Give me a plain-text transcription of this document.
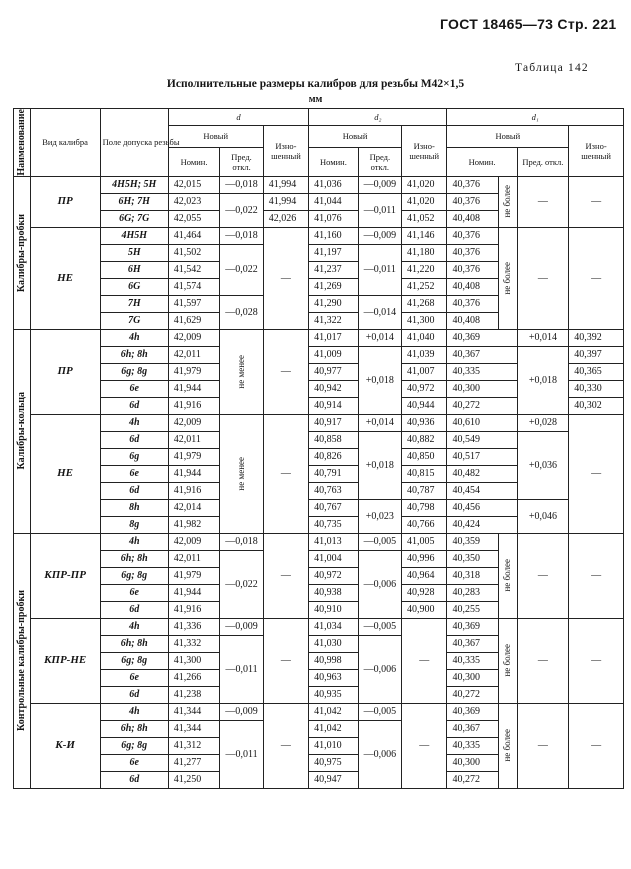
ГОСТ 18465—73 Стр. 221
Таблица 142
Исполнительные размеры калибров для резьбы M42×1,5
мм
Наименование	Вид калибра	Поле допуска резьбы	d			d₂			d₁			
			Новый		Изно-шенный	Новый		Изно-шенный	Новый			Изно-шенный
			Номин.	Пред. откл.		Номин.	Пред. откл.		Номин.		Пред. откл.	

Калибры-пробки	ПР	4H5H; 5H	42,015	—0,018	41,994	41,036	—0,009	41,020	40,376	не более	—	—
		6H; 7H	42,023	—0,022	41,994	41,044	—0,011	41,020	40,376			
		6G; 7G	42,055		42,026	41,076		41,052	40,408			
	НЕ	4H5H	41,464	—0,018	—	41,160	—0,009	41,146	40,376	не более	—	—
		5H	41,502	—0,022		41,197	—0,011	41,180	40,376			
		6H	41,542			41,237		41,220	40,376			
		6G	41,574			41,269		41,252	40,408			
		7H	41,597	—0,028		41,290	—0,014	41,268	40,376			
		7G	41,629			41,322		41,300	40,408			

Калибры-кольца	ПР	4h	42,009	не менее	—	41,017	+0,014	41,040	40,369		+0,014	40,392
		6h; 8h	42,011			41,009	+0,018	41,039	40,367		+0,018	40,397
		6g; 8g	41,979			40,977		41,007	40,335			40,365
		6e	41,944			40,942		40,972	40,300			40,330
		6d	41,916			40,914		40,944	40,272			40,302
	НЕ	4h	42,009	не менее	—	40,917	+0,014	40,936	40,610		+0,028	—
		6d	42,011			40,858	+0,018	40,882	40,549		+0,036	
		6g	41,979			40,826		40,850	40,517			
		6e	41,944			40,791		40,815	40,482			
		6d	41,916			40,763		40,787	40,454			
		8h	42,014			40,767	+0,023	40,798	40,456		+0,046	
		8g	41,982			40,735		40,766	40,424			

Контрольные калибры-пробки	КПР-ПР	4h	42,009	—0,018	—	41,013	—0,005	41,005	40,359	не более	—	—
		6h; 8h	42,011	—0,022		41,004	—0,006	40,996	40,350			
		6g; 8g	41,979			40,972		40,964	40,318			
		6e	41,944			40,938		40,928	40,283			
		6d	41,916			40,910		40,900	40,255			
	КПР-НЕ	4h	41,336	—0,009	—	41,034	—0,005	—	40,369	не более	—	—
		6h; 8h	41,332	—0,011		41,030	—0,006		40,367			
		6g; 8g	41,300			40,998			40,335			
		6e	41,266			40,963			40,300			
		6d	41,238			40,935			40,272			
	К-И	4h	41,344	—0,009	—	41,042	—0,005	—	40,369	не более	—	—
		6h; 8h	41,344	—0,011		41,042	—0,006		40,367			
		6g; 8g	41,312			41,010			40,335			
		6e	41,277			40,975			40,300			
		6d	41,250			40,947			40,272			
